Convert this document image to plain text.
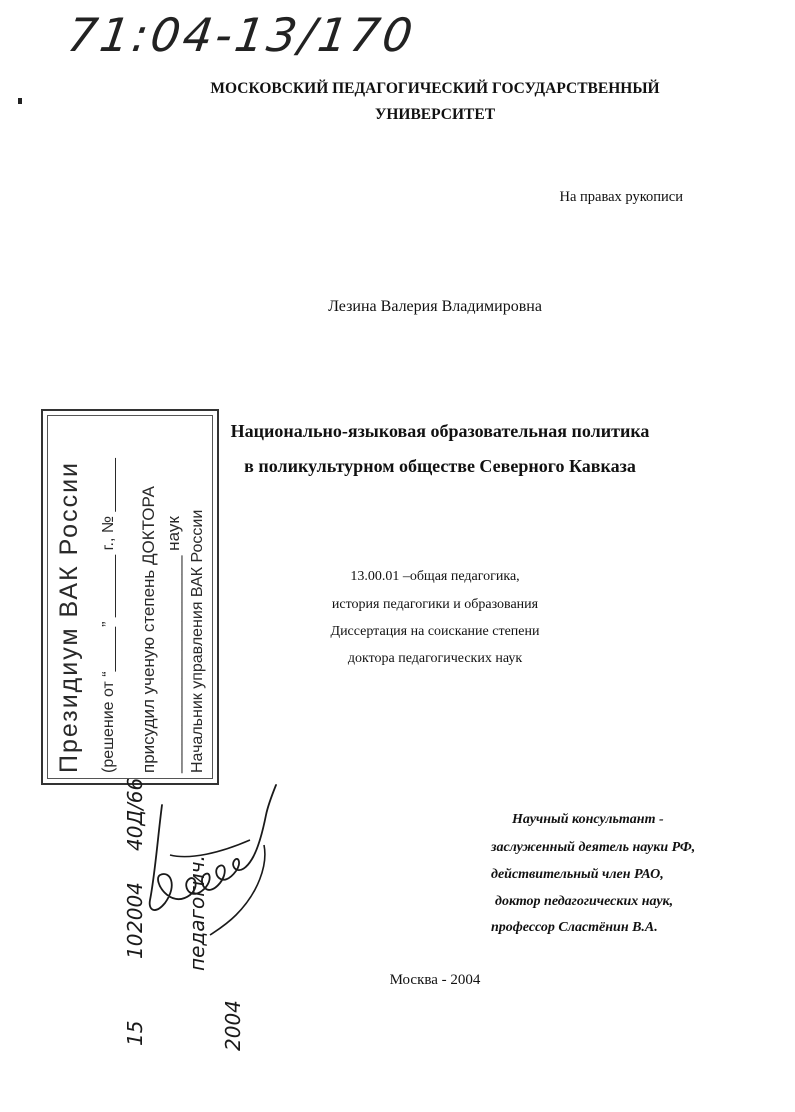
71:04-13/170
МОСКОВСКИЙ ПЕДАГОГИЧЕСКИЙ ГОСУДАРСТВЕННЫЙ
УНИВЕРСИТЕТ
На правах рукописи
Лезина Валерия Владимировна
Национально-языковая образовательная политика
в поликультурном обществе Северного Кавказа
13.00.01 –общая педагогика,
история педагогики и образования
Диссертация на соискание степени
доктора педагогических наук
Научный консультант -
заслуженный деятель науки РФ,
действительный член РАО,
доктор педагогических наук,
профессор Сластёнин В.А.
Москва - 2004
Президиум ВАК России (решение от “_____” _______ г., № ______ присудил ученую степень ДОКТОРА _______________________ наук Начальник управления ВАК России
15
10
2004
40Д/66
педагогич.
2004
